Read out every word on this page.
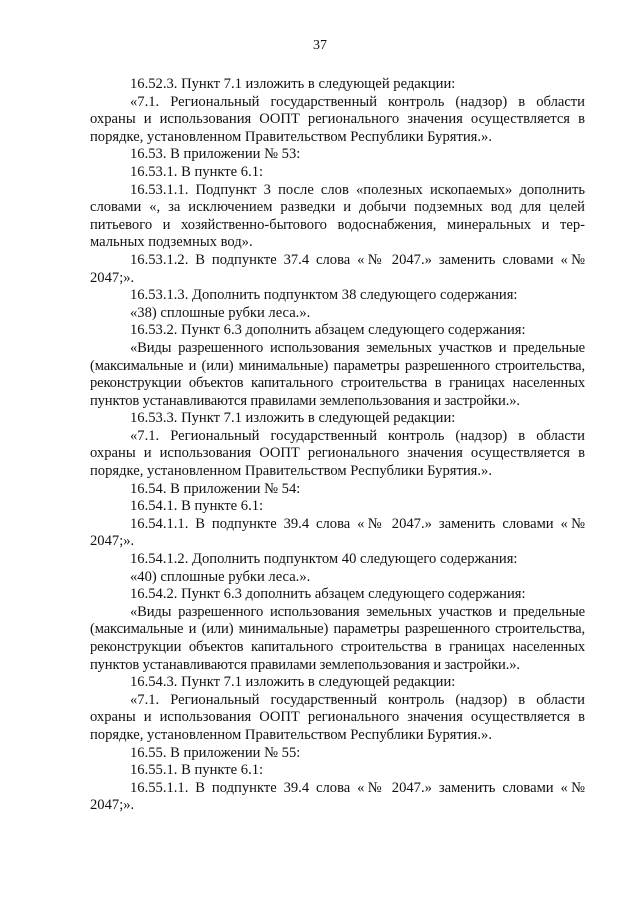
37

16.52.3. Пункт 7.1 изложить в следующей редакции:

«7.1. Региональный государственный контроль (надзор) в области охраны и использования ООПТ регионального значения осуществляется в порядке, установленном Правительством Республики Бурятия.».

16.53. В приложении № 53:

16.53.1. В пункте 6.1:

16.53.1.1. Подпункт 3 после слов «полезных ископаемых» дополнить словами «, за исключением разведки и добычи подземных вод для целей питьевого и хозяйственно-бытового водоснабжения, минеральных и термальных подземных вод».

16.53.1.2. В подпункте 37.4 слова «№ 2047.» заменить словами «№ 2047;».

16.53.1.3. Дополнить подпунктом 38 следующего содержания:

«38) сплошные рубки леса.».

16.53.2. Пункт 6.3 дополнить абзацем следующего содержания:

«Виды разрешенного использования земельных участков и предельные (максимальные и (или) минимальные) параметры разрешенного строительства, реконструкции объектов капитального строительства в границах населенных пунктов устанавливаются правилами землепользования и застройки.».

16.53.3. Пункт 7.1 изложить в следующей редакции:

«7.1. Региональный государственный контроль (надзор) в области охраны и использования ООПТ регионального значения осуществляется в порядке, установленном Правительством Республики Бурятия.».

16.54. В приложении № 54:

16.54.1. В пункте 6.1:

16.54.1.1. В подпункте 39.4 слова «№ 2047.» заменить словами «№ 2047;».

16.54.1.2. Дополнить подпунктом 40 следующего содержания:

«40) сплошные рубки леса.».

16.54.2. Пункт 6.3 дополнить абзацем следующего содержания:

«Виды разрешенного использования земельных участков и предельные (максимальные и (или) минимальные) параметры разрешенного строительства, реконструкции объектов капитального строительства в границах населенных пунктов устанавливаются правилами землепользования и застройки.».

16.54.3. Пункт 7.1 изложить в следующей редакции:

«7.1. Региональный государственный контроль (надзор) в области охраны и использования ООПТ регионального значения осуществляется в порядке, установленном Правительством Республики Бурятия.».

16.55. В приложении № 55:

16.55.1. В пункте 6.1:

16.55.1.1. В подпункте 39.4 слова «№ 2047.» заменить словами «№ 2047;».
